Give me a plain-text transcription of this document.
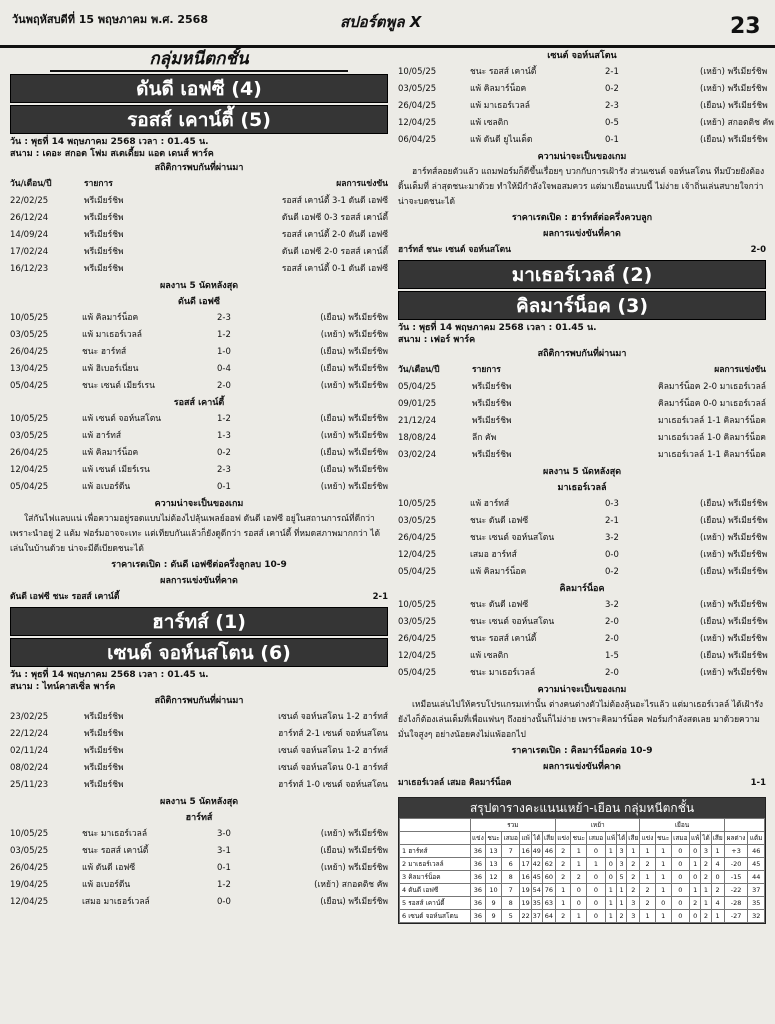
วันพฤหัสบดีที่ 15 พฤษภาคม พ.ศ. 2568	สปอร์ตพูล X	23
กลุ่มหนีตกชั้น
ดันดี เอฟซี (4)
รอสส์ เคาน์ตี้ (5)
วัน : พุธที่ 14 พฤษภาคม 2568 เวลา : 01.45 น.
สนาม : เดอะ สกอต โฟม สเตเดี้ยม แอต เดนส์ พาร์ค
สถิติการพบกันที่ผ่านมา
วัน/เดือน/ปี	รายการ	ผลการแข่งขัน
22/02/25	พรีเมียร์ชิพ	รอสส์ เคาน์ตี้ 3-1 ดันดี เอฟซี
26/12/24	พรีเมียร์ชิพ	ดันดี เอฟซี 0-3 รอสส์ เคาน์ตี้
14/09/24	พรีเมียร์ชิพ	รอสส์ เคาน์ตี้ 2-0 ดันดี เอฟซี
17/02/24	พรีเมียร์ชิพ	ดันดี เอฟซี 2-0 รอสส์ เคาน์ตี้
16/12/23	พรีเมียร์ชิพ	รอสส์ เคาน์ตี้ 0-1 ดันดี เอฟซี
ผลงาน 5 นัดหลังสุด
ดันดี เอฟซี
10/05/25	แพ้ คิลมาร์น็อค	2-3	(เยือน) พรีเมียร์ชิพ
03/05/25	แพ้ มาเธอร์เวลล์	1-2	(เหย้า) พรีเมียร์ชิพ
26/04/25	ชนะ ฮาร์ทส์	1-0	(เยือน) พรีเมียร์ชิพ
13/04/25	แพ้ ฮิเบอร์เนี่ยน	0-4	(เยือน) พรีเมียร์ชิพ
05/04/25	ชนะ เซนต์ เมียร์เรน	2-0	(เหย้า) พรีเมียร์ชิพ
รอสส์ เคาน์ตี้
10/05/25	แพ้ เซนต์ จอห์นสโตน	1-2	(เยือน) พรีเมียร์ชิพ
03/05/25	แพ้ ฮาร์ทส์	1-3	(เหย้า) พรีเมียร์ชิพ
26/04/25	แพ้ คิลมาร์น็อค	0-2	(เยือน) พรีเมียร์ชิพ
12/04/25	แพ้ เซนต์ เมียร์เรน	2-3	(เยือน) พรีเมียร์ชิพ
05/04/25	แพ้ อเบอร์ดีน	0-1	(เหย้า) พรีเมียร์ชิพ
ความน่าจะเป็นของเกม
ใส่กันไฟแลบแน่ เพื่อความอยู่รอดแบบไม่ต้องไปลุ้นเพลย์ออฟ ดันดี เอฟซี อยู่ในสถานการณ์ที่ดีกว่า เพราะนำอยู่ 2 แต้ม ฟอร์มอาจจะเทะ แต่เทียบกันแล้วก็ยังดูดีกว่า รอสส์ เคาน์ตี้ ที่หมดสภาพมากกว่า ได้เล่นในบ้านด้วย น่าจะมีดีเบียดชนะได้
ราคาเรตเปิด : ดันดี เอฟซีต่อครึ่งลูกลบ 10-9
ผลการแข่งขันที่คาด
ดันดี เอฟซี ชนะ รอสส์ เคาน์ตี้	2-1
ฮาร์ทส์ (1)
เซนต์ จอห์นสโตน (6)
วัน : พุธที่ 14 พฤษภาคม 2568 เวลา : 01.45 น.
สนาม : ไทน์คาสเซิ่ล พาร์ค
สถิติการพบกันที่ผ่านมา
23/02/25	พรีเมียร์ชิพ	เซนต์ จอห์นสโตน 1-2 ฮาร์ทส์
22/12/24	พรีเมียร์ชิพ	ฮาร์ทส์ 2-1 เซนต์ จอห์นสโตน
02/11/24	พรีเมียร์ชิพ	เซนต์ จอห์นสโตน 1-2 ฮาร์ทส์
08/02/24	พรีเมียร์ชิพ	เซนต์ จอห์นสโตน 0-1 ฮาร์ทส์
25/11/23	พรีเมียร์ชิพ	ฮาร์ทส์ 1-0 เซนต์ จอห์นสโตน
ผลงาน 5 นัดหลังสุด
ฮาร์ทส์
10/05/25	ชนะ มาเธอร์เวลล์	3-0	(เหย้า) พรีเมียร์ชิพ
03/05/25	ชนะ รอสส์ เคาน์ตี้	3-1	(เยือน) พรีเมียร์ชิพ
26/04/25	แพ้ ดันดี เอฟซี	0-1	(เหย้า) พรีเมียร์ชิพ
19/04/25	แพ้ อเบอร์ดีน	1-2	(เหย้า) สกอตติช คัพ
12/04/25	เสมอ มาเธอร์เวลล์	0-0	(เยือน) พรีเมียร์ชิพ
เซนต์ จอห์นสโตน
10/05/25	ชนะ รอสส์ เคาน์ตี้	2-1	(เหย้า) พรีเมียร์ชิพ
03/05/25	แพ้ คิลมาร์น็อค	0-2	(เหย้า) พรีเมียร์ชิพ
26/04/25	แพ้ มาเธอร์เวลล์	2-3	(เยือน) พรีเมียร์ชิพ
12/04/25	แพ้ เซลติก	0-5	(เหย้า) สกอตติช คัพ
06/04/25	แพ้ ดันดี ยูไนเต็ด	0-1	(เยือน) พรีเมียร์ชิพ
ความน่าจะเป็นของเกม
ฮาร์ทส์ลอยตัวแล้ว แถมฟอร์มก็ดีขึ้นเรื่อยๆ บวกกับการเฝ้ารัง ส่วนเซนต์ จอห์นสโตน ทีมบ๊วยยังต้องดิ้นเต็มที่ ล่าสุดชนะมาด้วย ทำให้มีกำลังใจพอสมควร แต่มาเยือนแบบนี้ ไม่ง่าย เจ้าถิ่นเล่นสบายใจกว่า น่าจะบดชนะได้
ราคาเรตเปิด : ฮาร์ทส์ต่อครึ่งควบลูก
ผลการแข่งขันที่คาด
ฮาร์ทส์ ชนะ เซนต์ จอห์นสโตน	2-0
มาเธอร์เวลล์ (2)
คิลมาร์น็อค (3)
วัน : พุธที่ 14 พฤษภาคม 2568 เวลา : 01.45 น.
สนาม : เฟอร์ พาร์ค
สถิติการพบกันที่ผ่านมา
วัน/เดือน/ปี	รายการ	ผลการแข่งขัน
05/04/25	พรีเมียร์ชิพ	คิลมาร์น็อค 2-0 มาเธอร์เวลล์
09/01/25	พรีเมียร์ชิพ	คิลมาร์น็อค 0-0 มาเธอร์เวลล์
21/12/24	พรีเมียร์ชิพ	มาเธอร์เวลล์ 1-1 คิลมาร์น็อค
18/08/24	ลีก คัพ	มาเธอร์เวลล์ 1-0 คิลมาร์น็อค
03/02/24	พรีเมียร์ชิพ	มาเธอร์เวลล์ 1-1 คิลมาร์น็อค
ผลงาน 5 นัดหลังสุด
มาเธอร์เวลล์
10/05/25	แพ้ ฮาร์ทส์	0-3	(เยือน) พรีเมียร์ชิพ
03/05/25	ชนะ ดันดี เอฟซี	2-1	(เยือน) พรีเมียร์ชิพ
26/04/25	ชนะ เซนต์ จอห์นสโตน	3-2	(เหย้า) พรีเมียร์ชิพ
12/04/25	เสมอ ฮาร์ทส์	0-0	(เหย้า) พรีเมียร์ชิพ
05/04/25	แพ้ คิลมาร์น็อค	0-2	(เยือน) พรีเมียร์ชิพ
คิลมาร์น็อค
10/05/25	ชนะ ดันดี เอฟซี	3-2	(เหย้า) พรีเมียร์ชิพ
03/05/25	ชนะ เซนต์ จอห์นสโตน	2-0	(เยือน) พรีเมียร์ชิพ
26/04/25	ชนะ รอสส์ เคาน์ตี้	2-0	(เหย้า) พรีเมียร์ชิพ
12/04/25	แพ้ เซลติก	1-5	(เยือน) พรีเมียร์ชิพ
05/04/25	ชนะ มาเธอร์เวลล์	2-0	(เหย้า) พรีเมียร์ชิพ
ความน่าจะเป็นของเกม
เหมือนเล่นไปให้ครบโปรแกรมเท่านั้น ต่างคนต่างตัวไม่ต้องลุ้นอะไรแล้ว แต่มาเธอร์เวลล์ ได้เฝ้ารัง ยังไงก็ต้องเล่นเต็มที่เพื่อแฟนๆ ถึงอย่างนั้นก็ไม่ง่าย เพราะคิลมาร์น็อค ฟอร์มกำลังสดเลย มาด้วยความมั่นใจสูงๆ อย่างน้อยคงไม่แพ้ออกไป
ราคาเรตเปิด : คิลมาร์น็อคต่อ 10-9
ผลการแข่งขันที่คาด
มาเธอร์เวลล์ เสมอ คิลมาร์น็อค	1-1
สรุปตารางคะแนนเหย้า-เยือน กลุ่มหนีตกชั้น
	รวม						เหย้า						เยือน							
	แข่ง	ชนะ	เสมอ	แพ้	ได้	เสีย	แข่ง	ชนะ	เสมอ	แพ้	ได้	เสีย	แข่ง	ชนะ	เสมอ	แพ้	ได้	เสีย	ผลต่าง	แต้ม
1 ฮาร์ทส์	36	13	7	16	49	46	2	1	0	1	3	1	1	1	0	0	3	1	+3	46
2 มาเธอร์เวลล์	36	13	6	17	42	62	2	1	1	0	3	2	2	1	0	1	2	4	-20	45
3 คิลมาร์น็อค	36	12	8	16	45	60	2	2	0	0	5	2	1	1	0	0	2	0	-15	44
4 ดันดี เอฟซี	36	10	7	19	54	76	1	0	0	1	1	2	2	1	0	1	1	2	-22	37
5 รอสส์ เคาน์ตี้	36	9	8	19	35	63	1	0	0	1	1	3	2	0	0	2	1	4	-28	35
6 เซนต์ จอห์นสโตน	36	9	5	22	37	64	2	1	0	1	2	3	1	1	0	0	2	1	-27	32
